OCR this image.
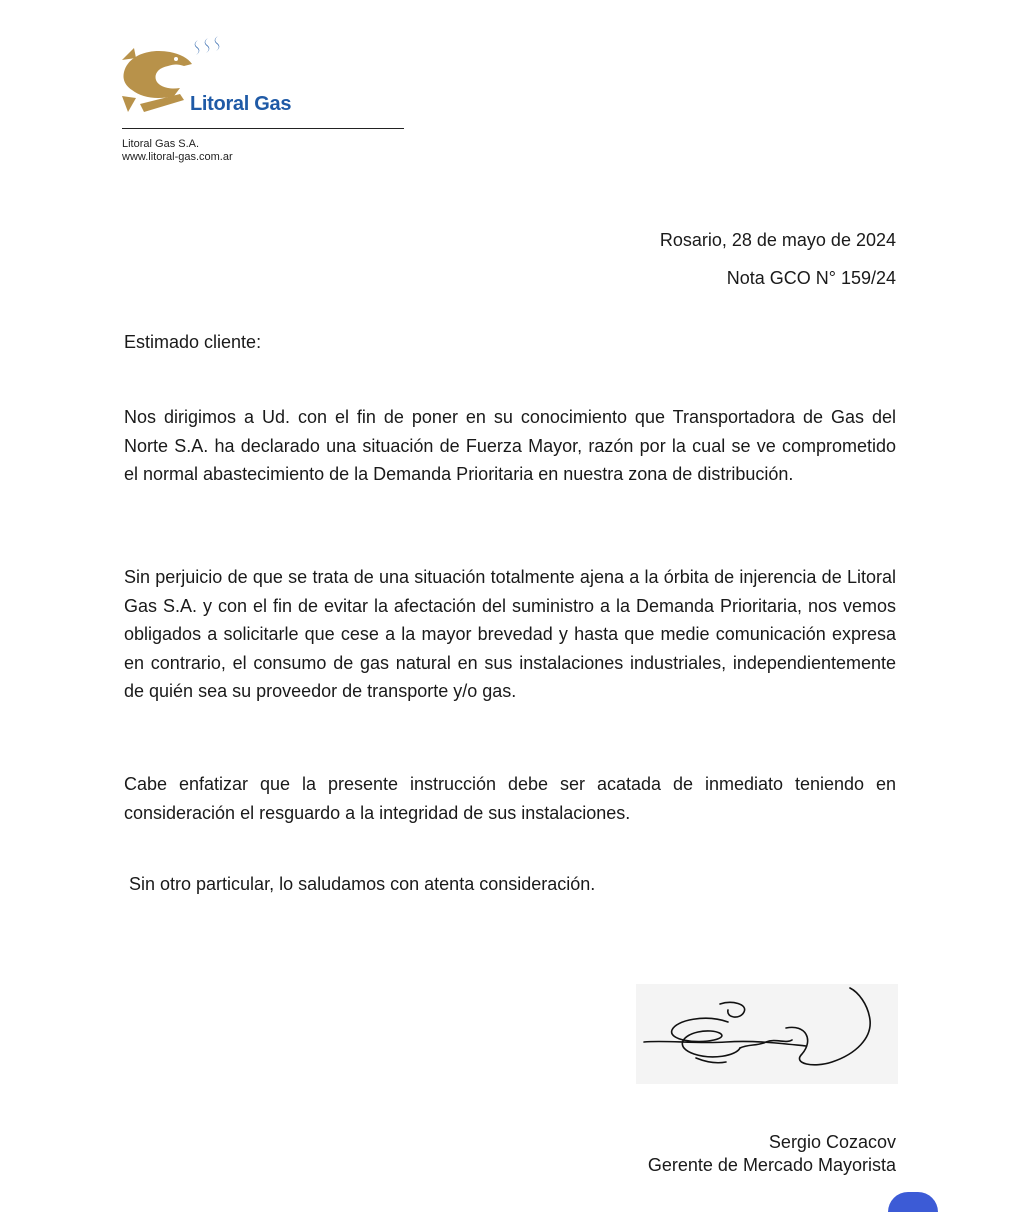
Litoral Gas
Litoral Gas S.A.
www.litoral-gas.com.ar
Rosario, 28 de mayo de 2024
Nota GCO N° 159/24
Estimado cliente:

Nos dirigimos a Ud. con el fin de poner en su conocimiento que Transportadora de Gas del Norte S.A. ha declarado una situación de Fuerza Mayor, razón por la cual se ve comprometido el normal abastecimiento de la Demanda Prioritaria en nuestra zona de distribución.

Sin perjuicio de que se trata de una situación totalmente ajena a la órbita de injerencia de Litoral Gas S.A. y con el fin de evitar la afectación del suministro a la Demanda Prioritaria, nos vemos obligados a solicitarle que cese a la mayor brevedad y hasta que medie comunicación expresa en contrario, el consumo de gas natural en sus instalaciones industriales, independientemente de quién sea su proveedor de transporte y/o gas.

Cabe enfatizar que la presente instrucción debe ser acatada de inmediato teniendo en consideración el resguardo a la integridad de sus instalaciones.

Sin otro particular, lo saludamos con atenta consideración.
Sergio Cozacov
Gerente de Mercado Mayorista
